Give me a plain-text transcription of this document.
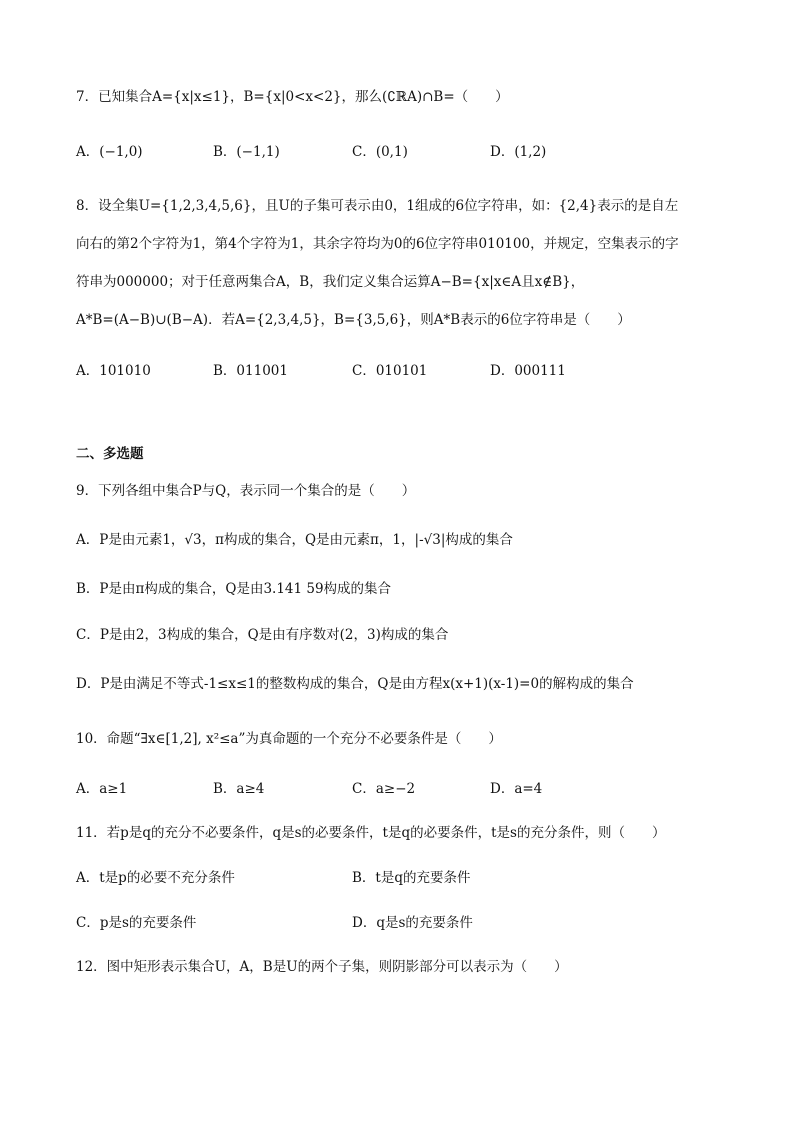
7．已知集合A={x|x≤1}，B={x|0<x<2}，那么(∁ℝA)∩B=（　　）
A．(−1,0)	B．(−1,1)	C．(0,1)	D．(1,2)
8．设全集U={1,2,3,4,5,6}，且U的子集可表示由0，1组成的6位字符串，如：{2,4}表示的是自左
向右的第2个字符为1，第4个字符为1，其余字符均为0的6位字符串010100，并规定，空集表示的字
符串为000000；对于任意两集合A，B，我们定义集合运算A−B={x|x∈A且x∉B}，
A*B=(A−B)∪(B−A)．若A={2,3,4,5}，B={3,5,6}，则A*B表示的6位字符串是（　　）
A．101010	B．011001	C．010101	D．000111
二、多选题
9．下列各组中集合P与Q，表示同一个集合的是（　　）
A．P是由元素1，√3，π构成的集合，Q是由元素π，1，|-√3|构成的集合
B．P是由π构成的集合，Q是由3.141 59构成的集合
C．P是由2，3构成的集合，Q是由有序数对(2，3)构成的集合
D．P是由满足不等式-1≤x≤1的整数构成的集合，Q是由方程x(x+1)(x-1)=0的解构成的集合
10．命题“∃x∈[1,2], x²≤a”为真命题的一个充分不必要条件是（　　）
A．a≥1	B．a≥4	C．a≥−2	D．a=4
11．若p是q的充分不必要条件，q是s的必要条件，t是q的必要条件，t是s的充分条件，则（　　）
A．t是p的必要不充分条件	B．t是q的充要条件
C．p是s的充要条件	D．q是s的充要条件
12．图中矩形表示集合U，A，B是U的两个子集，则阴影部分可以表示为（　　）
